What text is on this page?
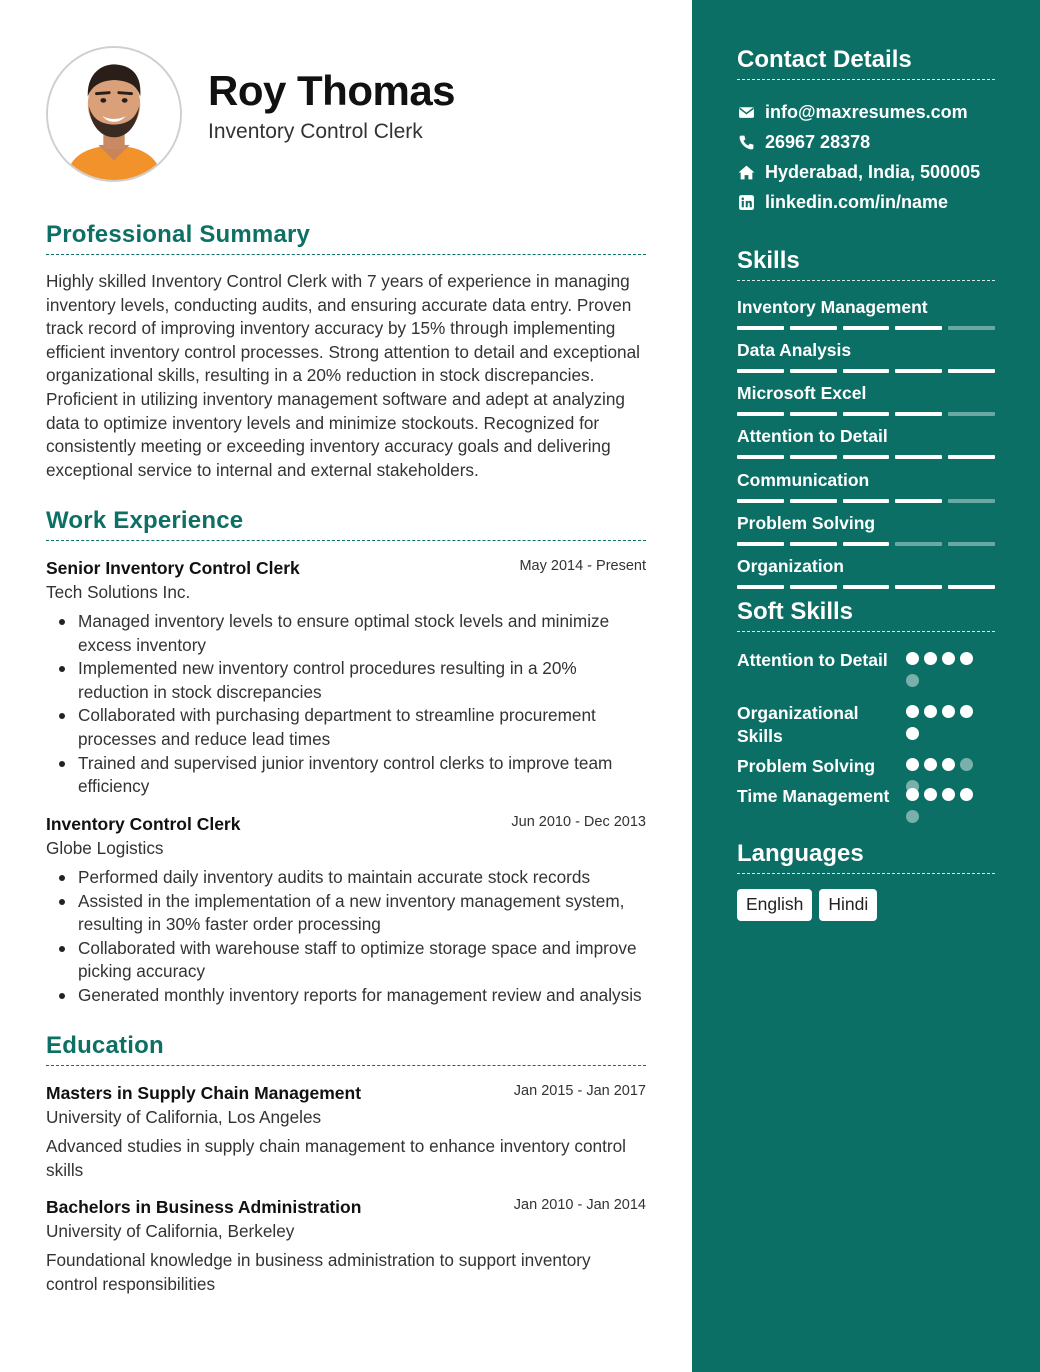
Roy Thomas
Inventory Control Clerk
Professional Summary
Highly skilled Inventory Control Clerk with 7 years of experience in managing inventory levels, conducting audits, and ensuring accurate data entry. Proven track record of improving inventory accuracy by 15% through implementing efficient inventory control processes. Strong attention to detail and exceptional organizational skills, resulting in a 20% reduction in stock discrepancies. Proficient in utilizing inventory management software and adept at analyzing data to optimize inventory levels and minimize stockouts. Recognized for consistently meeting or exceeding inventory accuracy goals and delivering exceptional service to internal and external stakeholders.
Work Experience
Senior Inventory Control Clerk	May 2014 - Present
Tech Solutions Inc.
Managed inventory levels to ensure optimal stock levels and minimize excess inventory
Implemented new inventory control procedures resulting in a 20% reduction in stock discrepancies
Collaborated with purchasing department to streamline procurement processes and reduce lead times
Trained and supervised junior inventory control clerks to improve team efficiency
Inventory Control Clerk	Jun 2010 - Dec 2013
Globe Logistics
Performed daily inventory audits to maintain accurate stock records
Assisted in the implementation of a new inventory management system, resulting in 30% faster order processing
Collaborated with warehouse staff to optimize storage space and improve picking accuracy
Generated monthly inventory reports for management review and analysis
Education
Masters in Supply Chain Management	Jan 2015 - Jan 2017
University of California, Los Angeles
Advanced studies in supply chain management to enhance inventory control skills
Bachelors in Business Administration	Jan 2010 - Jan 2014
University of California, Berkeley
Foundational knowledge in business administration to support inventory control responsibilities
Contact Details
info@maxresumes.com
26967 28378
Hyderabad, India, 500005
linkedin.com/in/name
Skills
Inventory Management
Data Analysis
Microsoft Excel
Attention to Detail
Communication
Problem Solving
Organization
Soft Skills
Attention to Detail
Organizational Skills
Problem Solving
Time Management
Languages
English	Hindi
